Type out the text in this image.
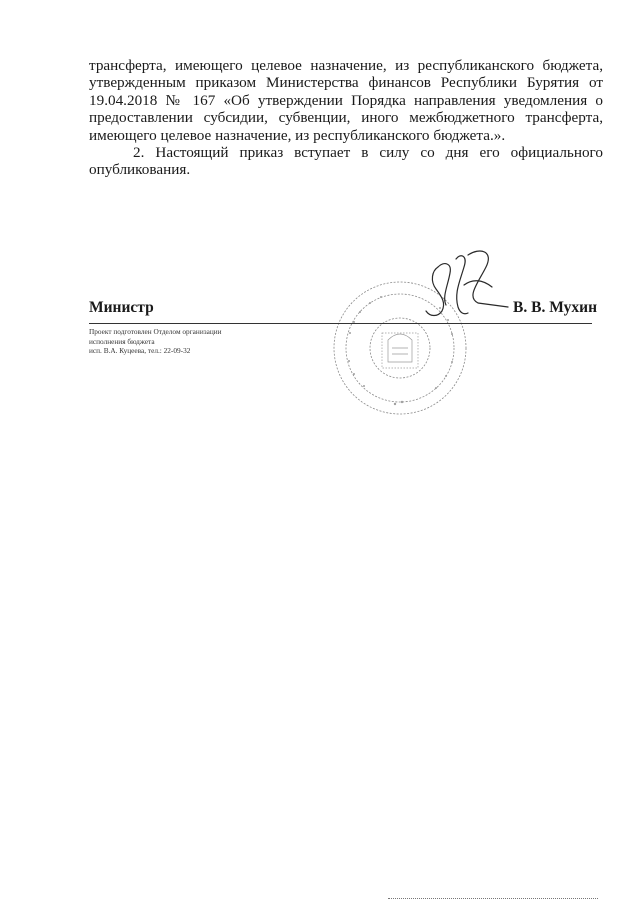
трансферта, имеющего целевое назначение, из республиканского бюджета, утвержденным приказом Министерства финансов Республики Бурятия от 19.04.2018 № 167 «Об утверждении Порядка направления уведомления о предоставлении субсидии, субвенции, иного межбюджетного трансферта, имеющего целевое назначение, из республиканского бюджета.».

2. Настоящий приказ вступает в силу со дня его официального опубликования.

Министр	В. В. Мухин
Проект подготовлен Отделом организации
исполнения бюджета
исп. В.А. Куцеева, тел.: 22-09-32
